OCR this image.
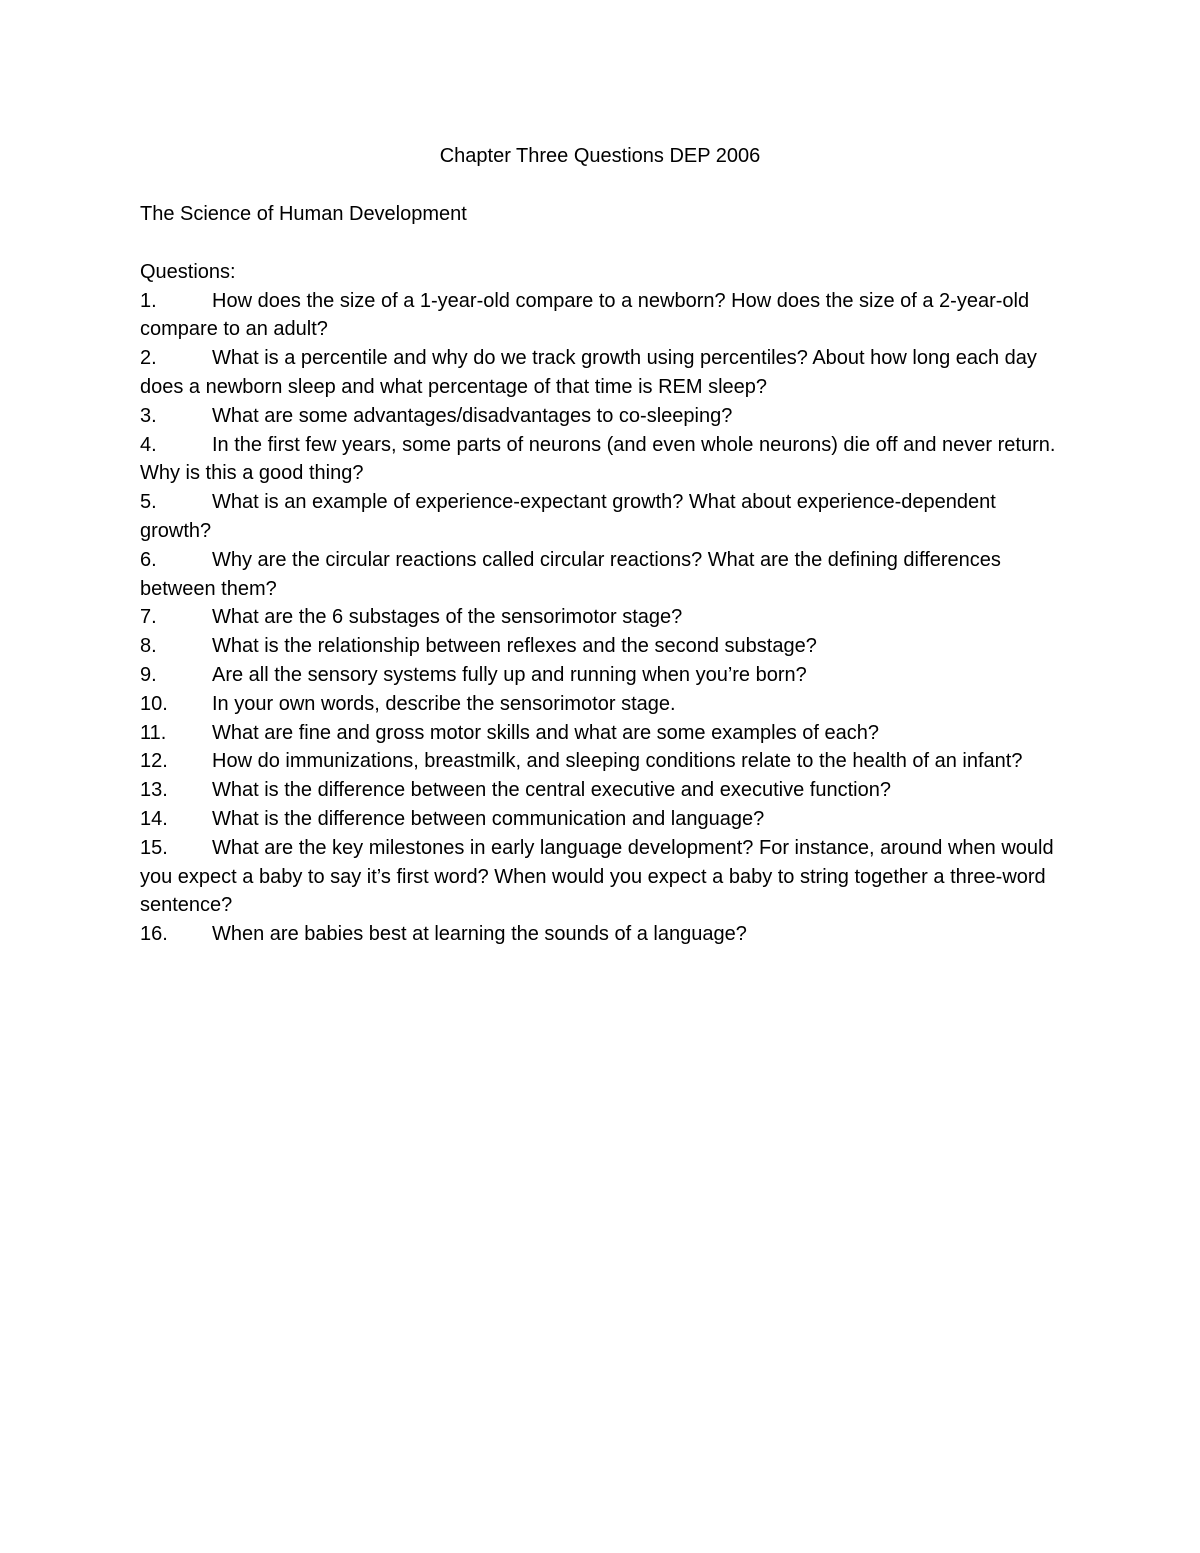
Chapter Three Questions DEP 2006

The Science of Human Development

Questions:

1.	How does the size of a 1-year-old compare to a newborn? How does the size of a 2-year-old compare to an adult?
2.	What is a percentile and why do we track growth using percentiles? About how long each day does a newborn sleep and what percentage of that time is REM sleep?
3.	What are some advantages/disadvantages to co-sleeping?
4.	In the first few years, some parts of neurons (and even whole neurons) die off and never return. Why is this a good thing?
5.	What is an example of experience-expectant growth? What about experience-dependent growth?
6.	Why are the circular reactions called circular reactions? What are the defining differences between them?
7.	What are the 6 substages of the sensorimotor stage?
8.	What is the relationship between reflexes and the second substage?
9.	Are all the sensory systems fully up and running when you’re born?
10. In your own words, describe the sensorimotor stage.
11. What are fine and gross motor skills and what are some examples of each?
12. How do immunizations, breastmilk, and sleeping conditions relate to the health of an infant?
13. What is the difference between the central executive and executive function?
14. What is the difference between communication and language?
15. What are the key milestones in early language development? For instance, around when would you expect a baby to say it’s first word? When would you expect a baby to string together a three-word sentence?
16. When are babies best at learning the sounds of a language?
